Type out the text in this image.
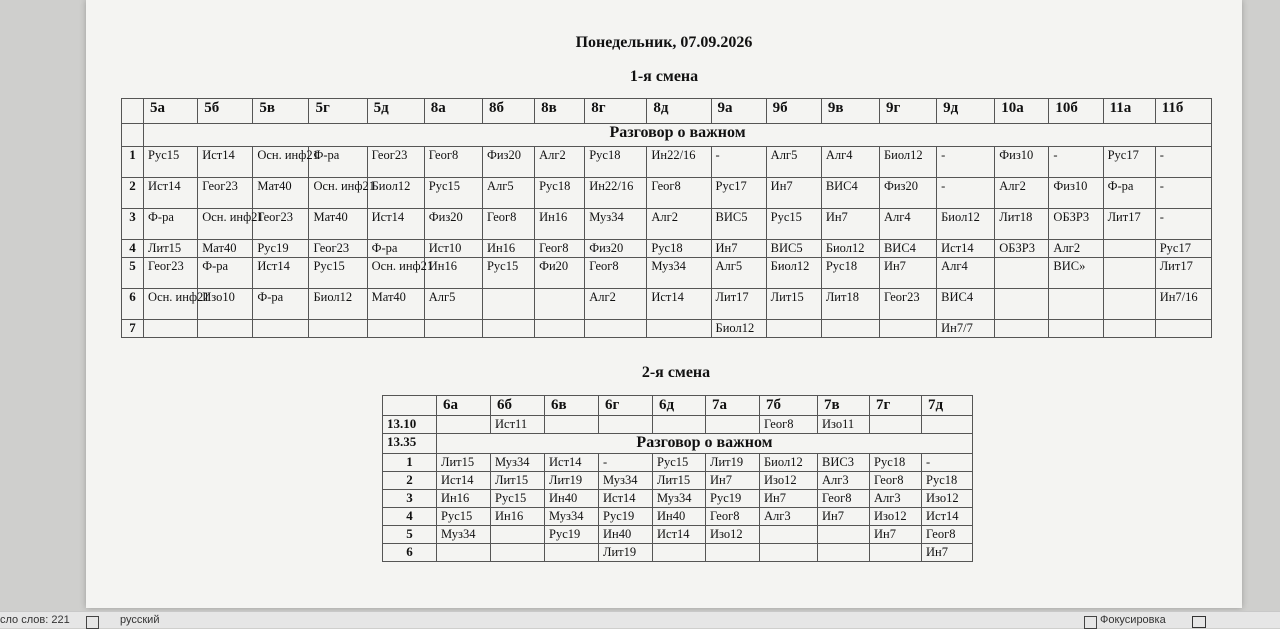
Понедельник, 07.09.2026
1-я смена
	5а	5б	5в	5г	5д	8а	8б	8в	8г	8д	9а	9б	9в	9г	9д	10а	10б	11а	11б
	Разговор о важном																		
1	Рус15	Ист14	Осн. инф21	Ф-ра	Геог23	Геог8	Физ20	Алг2	Рус18	Ин22/16	-	Алг5	Алг4	Биол12	-	Физ10	-	Рус17	-
2	Ист14	Геог23	Мат40	Осн. инф21	Биол12	Рус15	Алг5	Рус18	Ин22/16	Геог8	Рус17	Ин7	ВИС4	Физ20	-	Алг2	Физ10	Ф-ра	-
3	Ф-ра	Осн. инф21	Геог23	Мат40	Ист14	Физ20	Геог8	Ин16	Муз34	Алг2	ВИС5	Рус15	Ин7	Алг4	Биол12	Лит18	ОБЗР3	Лит17	-
4	Лит15	Мат40	Рус19	Геог23	Ф-ра	Ист10	Ин16	Геог8	Физ20	Рус18	Ин7	ВИС5	Биол12	ВИС4	Ист14	ОБЗР3	Алг2		Рус17
5	Геог23	Ф-ра	Ист14	Рус15	Осн. инф21	Ин16	Рус15	Фи20	Геог8	Муз34	Алг5	Биол12	Рус18	Ин7	Алг4		ВИС»		Лит17
6	Осн. инф21	Изо10	Ф-ра	Биол12	Мат40	Алг5			Алг2	Ист14	Лит17	Лит15	Лит18	Геог23	ВИС4				Ин7/16
7											Биол12				Ин7/7				
2-я смена
	6а	6б	6в	6г	6д	7а	7б	7в	7г	7д
13.10		Ист11					Геог8	Изо11		
13.35	Разговор о важном									
1	Лит15	Муз34	Ист14	-	Рус15	Лит19	Биол12	ВИС3	Рус18	-
2	Ист14	Лит15	Лит19	Муз34	Лит15	Ин7	Изо12	Алг3	Геог8	Рус18
3	Ин16	Рус15	Ин40	Ист14	Муз34	Рус19	Ин7	Геог8	Алг3	Изо12
4	Рус15	Ин16	Муз34	Рус19	Ин40	Геог8	Алг3	Ин7	Изо12	Ист14
5	Муз34		Рус19	Ин40	Ист14	Изо12			Ин7	Геог8
6				Лит19						Ин7
сло слов: 221	русский	Фокусировка
